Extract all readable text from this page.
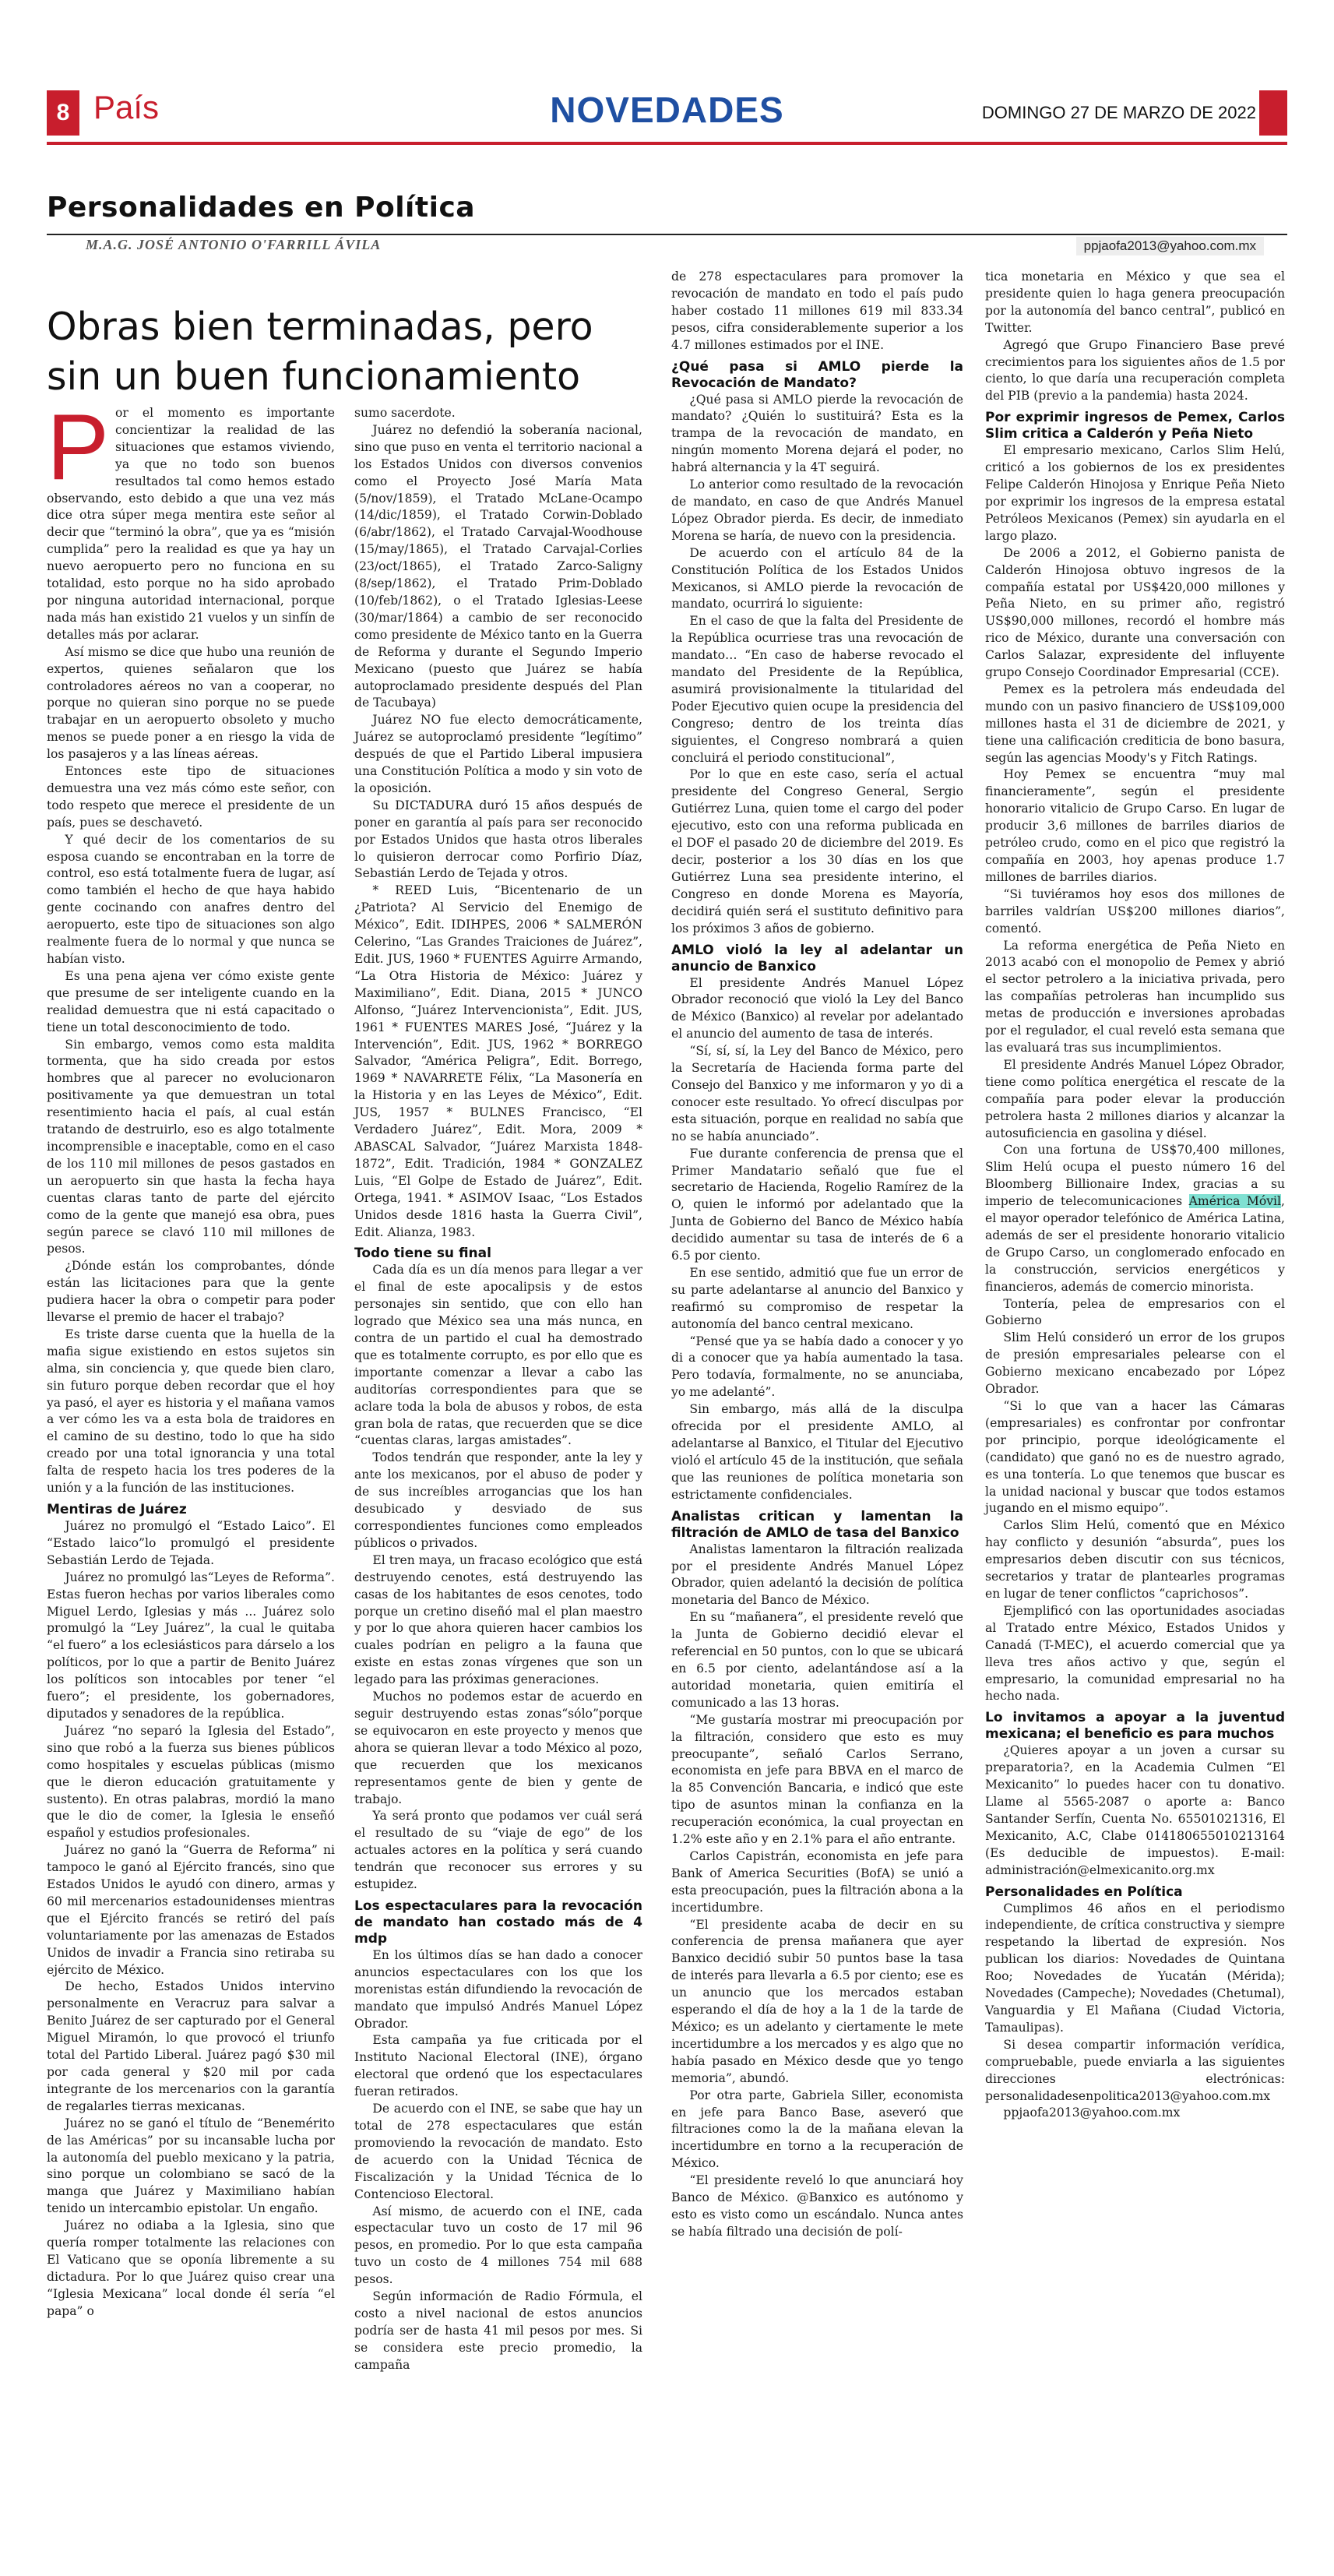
8 País	NOVEDADES	DOMINGO 27 DE MARZO DE 2022
Personalidades en Política
M.A.G. JOSÉ ANTONIO O'FARRILL ÁVILA	ppjaofa2013@yahoo.com.mx
Obras bien terminadas, pero sin un buen funcionamiento

Por el momento es importante concientizar la realidad de las situaciones que estamos viviendo, ya que no todo son buenos resultados tal como hemos estado observando, esto debido a que una vez más dice otra súper mega mentira este señor al decir que “terminó la obra”, que ya es “misión cumplida” pero la realidad es que ya hay un nuevo aeropuerto pero no funciona en su totalidad, esto porque no ha sido aprobado por ninguna autoridad internacional, porque nada más han existido 21 vuelos y un sinfín de detalles más por aclarar.

Así mismo se dice que hubo una reunión de expertos, quienes señalaron que los controladores aéreos no van a cooperar, no porque no quieran sino porque no se puede trabajar en un aeropuerto obsoleto y mucho menos se puede poner a en riesgo la vida de los pasajeros y a las líneas aéreas.

Entonces este tipo de situaciones demuestra una vez más cómo este señor, con todo respeto que merece el presidente de un país, pues se deschavetó.

Y qué decir de los comentarios de su esposa cuando se encontraban en la torre de control, eso está totalmente fuera de lugar, así como también el hecho de que haya habido gente cocinando con anafres dentro del aeropuerto, este tipo de situaciones son algo realmente fuera de lo normal y que nunca se habían visto.

Es una pena ajena ver cómo existe gente que presume de ser inteligente cuando en la realidad demuestra que ni está capacitado o tiene un total desconocimiento de todo.

Sin embargo, vemos como esta maldita tormenta, que ha sido creada por estos hombres que al parecer no evolucionaron positivamente ya que demuestran un total resentimiento hacia el país, al cual están tratando de destruirlo, eso es algo totalmente incomprensible e inaceptable, como en el caso de los 110 mil millones de pesos gastados en un aeropuerto sin que hasta la fecha haya cuentas claras tanto de parte del ejército como de la gente que manejó esa obra, pues según parece se clavó 110 mil millones de pesos.

¿Dónde están los comprobantes, dónde están las licitaciones para que la gente pudiera hacer la obra o competir para poder llevarse el premio de hacer el trabajo?

Es triste darse cuenta que la huella de la mafia sigue existiendo en estos sujetos sin alma, sin conciencia y, que quede bien claro, sin futuro porque deben recordar que el hoy ya pasó, el ayer es historia y el mañana vamos a ver cómo les va a esta bola de traidores en el camino de su destino, todo lo que ha sido creado por una total ignorancia y una total falta de respeto hacia los tres poderes de la unión y a la función de las instituciones.

Mentiras de Juárez

Juárez no promulgó el “Estado Laico”. El “Estado laico”lo promulgó el presidente Sebastián Lerdo de Tejada.

Juárez no promulgó las“Leyes de Reforma”. Estas fueron hechas por varios liberales como Miguel Lerdo, Iglesias y más ... Juárez solo promulgó la “Ley Juárez”, la cual le quitaba “el fuero” a los eclesiásticos para dárselo a los políticos, por lo que a partir de Benito Juárez los políticos son intocables por tener “el fuero”; el presidente, los gobernadores, diputados y senadores de la república.

Juárez “no separó la Iglesia del Estado”, sino que robó a la fuerza sus bienes públicos como hospitales y escuelas públicas (mismo que le dieron educación gratuitamente y sustento). En otras palabras, mordió la mano que le dio de comer, la Iglesia le enseñó español y estudios profesionales.

Juárez no ganó la “Guerra de Reforma” ni tampoco le ganó al Ejército francés, sino que Estados Unidos le ayudó con dinero, armas y 60 mil mercenarios estadounidenses mientras que el Ejército francés se retiró del país voluntariamente por las amenazas de Estados Unidos de invadir a Francia sino retiraba su ejército de México.

De hecho, Estados Unidos intervino personalmente en Veracruz para salvar a Benito Juárez de ser capturado por el General Miguel Miramón, lo que provocó el triunfo total del Partido Liberal. Juárez pagó $30 mil por cada general y $20 mil por cada integrante de los mercenarios con la garantía de regalarles tierras mexicanas.

Juárez no se ganó el título de “Benemérito de las Américas” por su incansable lucha por la autonomía del pueblo mexicano y la patria, sino porque un colombiano se sacó de la manga que Juárez y Maximiliano habían tenido un intercambio epistolar. Un engaño.

Juárez no odiaba a la Iglesia, sino que quería romper totalmente las relaciones con El Vaticano que se oponía libremente a su dictadura. Por lo que Juárez quiso crear una “Iglesia Mexicana” local donde él sería “el papa” o

sumo sacerdote.

Juárez no defendió la soberanía nacional, sino que puso en venta el territorio nacional a los Estados Unidos con diversos convenios como el Proyecto José María Mata (5/nov/1859), el Tratado McLane-Ocampo (14/dic/1859), el Tratado Corwin-Doblado (6/abr/1862), el Tratado Carvajal-Woodhouse (15/may/1865), el Tratado Carvajal-Corlies (23/oct/1865), el Tratado Zarco-Saligny (8/sep/1862), el Tratado Prim-Doblado (10/feb/1862), o el Tratado Iglesias-Leese (30/mar/1864) a cambio de ser reconocido como presidente de México tanto en la Guerra de Reforma y durante el Segundo Imperio Mexicano (puesto que Juárez se había autoproclamado presidente después del Plan de Tacubaya)

Juárez NO fue electo democráticamente, Juárez se autoproclamó presidente “legítimo” después de que el Partido Liberal impusiera una Constitución Política a modo y sin voto de la oposición.

Su DICTADURA duró 15 años después de poner en garantía al país para ser reconocido por Estados Unidos que hasta otros liberales lo quisieron derrocar como Porfirio Díaz, Sebastián Lerdo de Tejada y otros.

* REED Luis, “Bicentenario de un ¿Patriota? Al Servicio del Enemigo de México”, Edit. IDIHPES, 2006 * SALMERÓN Celerino, “Las Grandes Traiciones de Juárez”, Edit. JUS, 1960 * FUENTES Aguirre Armando, “La Otra Historia de México: Juárez y Maximiliano”, Edit. Diana, 2015 * JUNCO Alfonso, “Juárez Intervencionista”, Edit. JUS, 1961 * FUENTES MARES José, “Juárez y la Intervención”, Edit. JUS, 1962 * BORREGO Salvador, “América Peligra”, Edit. Borrego, 1969 * NAVARRETE Félix, “La Masonería en la Historia y en las Leyes de México”, Edit. JUS, 1957 * BULNES Francisco, “El Verdadero Juárez”, Edit. Mora, 2009 * ABASCAL Salvador, “Juárez Marxista 1848-1872”, Edit. Tradición, 1984 * GONZALEZ Luis, “El Golpe de Estado de Juárez”, Edit. Ortega, 1941. * ASIMOV Isaac, “Los Estados Unidos desde 1816 hasta la Guerra Civil”, Edit. Alianza, 1983.

Todo tiene su final

Cada día es un día menos para llegar a ver el final de este apocalipsis y de estos personajes sin sentido, que con ello han logrado que México sea una más nunca, en contra de un partido el cual ha demostrado que es totalmente corrupto, es por ello que es importante comenzar a llevar a cabo las auditorías correspondientes para que se aclare toda la bola de abusos y robos, de esta gran bola de ratas, que recuerden que se dice “cuentas claras, largas amistades”.

Todos tendrán que responder, ante la ley y ante los mexicanos, por el abuso de poder y de sus increíbles arrogancias que los han desubicado y desviado de sus correspondientes funciones como empleados públicos o privados.

El tren maya, un fracaso ecológico que está destruyendo cenotes, está destruyendo las casas de los habitantes de esos cenotes, todo porque un cretino diseñó mal el plan maestro y por lo que ahora quieren hacer cambios los cuales podrían en peligro a la fauna que existe en estas zonas vírgenes que son un legado para las próximas generaciones.

Muchos no podemos estar de acuerdo en seguir destruyendo estas zonas“sólo”porque se equivocaron en este proyecto y menos que ahora se quieran llevar a todo México al pozo, que recuerden que los mexicanos representamos gente de bien y gente de trabajo.

Ya será pronto que podamos ver cuál será el resultado de su “viaje de ego” de los actuales actores en la política y será cuando tendrán que reconocer sus errores y su estupidez.

Los espectaculares para la revocación de mandato han costado más de 4 mdp

En los últimos días se han dado a conocer anuncios espectaculares con los que los morenistas están difundiendo la revocación de mandato que impulsó Andrés Manuel López Obrador.

Esta campaña ya fue criticada por el Instituto Nacional Electoral (INE), órgano electoral que ordenó que los espectaculares fueran retirados.

De acuerdo con el INE, se sabe que hay un total de 278 espectaculares que están promoviendo la revocación de mandato. Esto de acuerdo con la Unidad Técnica de Fiscalización y la Unidad Técnica de lo Contencioso Electoral.

Así mismo, de acuerdo con el INE, cada espectacular tuvo un costo de 17 mil 96 pesos, en promedio. Por lo que esta campaña tuvo un costo de 4 millones 754 mil 688 pesos.

Según información de Radio Fórmula, el costo a nivel nacional de estos anuncios podría ser de hasta 41 mil pesos por mes. Si se considera este precio promedio, la campaña

de 278 espectaculares para promover la revocación de mandato en todo el país pudo haber costado 11 millones 619 mil 833.34 pesos, cifra considerablemente superior a los 4.7 millones estimados por el INE.

¿Qué pasa si AMLO pierde la Revocación de Mandato?

¿Qué pasa si AMLO pierde la revocación de mandato? ¿Quién lo sustituirá? Esta es la trampa de la revocación de mandato, en ningún momento Morena dejará el poder, no habrá alternancia y la 4T seguirá.

Lo anterior como resultado de la revocación de mandato, en caso de que Andrés Manuel López Obrador pierda. Es decir, de inmediato Morena se haría, de nuevo con la presidencia.

De acuerdo con el artículo 84 de la Constitución Política de los Estados Unidos Mexicanos, si AMLO pierde la revocación de mandato, ocurrirá lo siguiente:

En el caso de que la falta del Presidente de la República ocurriese tras una revocación de mandato… “En caso de haberse revocado el mandato del Presidente de la República, asumirá provisionalmente la titularidad del Poder Ejecutivo quien ocupe la presidencia del Congreso; dentro de los treinta días siguientes, el Congreso nombrará a quien concluirá el periodo constitucional”,

Por lo que en este caso, sería el actual presidente del Congreso General, Sergio Gutiérrez Luna, quien tome el cargo del poder ejecutivo, esto con una reforma publicada en el DOF el pasado 20 de diciembre del 2019. Es decir, posterior a los 30 días en los que Gutiérrez Luna sea presidente interino, el Congreso en donde Morena es Mayoría, decidirá quién será el sustituto definitivo para los próximos 3 años de gobierno.

AMLO violó la ley al adelantar un anuncio de Banxico

El presidente Andrés Manuel López Obrador reconoció que violó la Ley del Banco de México (Banxico) al revelar por adelantado el anuncio del aumento de tasa de interés.

“Sí, sí, sí, la Ley del Banco de México, pero la Secretaría de Hacienda forma parte del Consejo del Banxico y me informaron y yo di a conocer este resultado. Yo ofrecí disculpas por esta situación, porque en realidad no sabía que no se había anunciado”.

Fue durante conferencia de prensa que el Primer Mandatario señaló que fue el secretario de Hacienda, Rogelio Ramírez de la O, quien le informó por adelantado que la Junta de Gobierno del Banco de México había decidido aumentar su tasa de interés de 6 a 6.5 por ciento.

En ese sentido, admitió que fue un error de su parte adelantarse al anuncio del Banxico y reafirmó su compromiso de respetar la autonomía del banco central mexicano.

“Pensé que ya se había dado a conocer y yo di a conocer que ya había aumentado la tasa. Pero todavía, formalmente, no se anunciaba, yo me adelanté”.

Sin embargo, más allá de la disculpa ofrecida por el presidente AMLO, al adelantarse al Banxico, el Titular del Ejecutivo violó el artículo 45 de la institución, que señala que las reuniones de política monetaria son estrictamente confidenciales.

Analistas critican y lamentan la filtración de AMLO de tasa del Banxico

Analistas lamentaron la filtración realizada por el presidente Andrés Manuel López Obrador, quien adelantó la decisión de política monetaria del Banco de México.

En su “mañanera”, el presidente reveló que la Junta de Gobierno decidió elevar el referencial en 50 puntos, con lo que se ubicará en 6.5 por ciento, adelantándose así a la autoridad monetaria, quien emitiría el comunicado a las 13 horas.

“Me gustaría mostrar mi preocupación por la filtración, considero que esto es muy preocupante”, señaló Carlos Serrano, economista en jefe para BBVA en el marco de la 85 Convención Bancaria, e indicó que este tipo de asuntos minan la confianza en la recuperación económica, la cual proyectan en 1.2% este año y en 2.1% para el año entrante.

Carlos Capistrán, economista en jefe para Bank of America Securities (BofA) se unió a esta preocupación, pues la filtración abona a la incertidumbre.

“El presidente acaba de decir en su conferencia de prensa mañanera que ayer Banxico decidió subir 50 puntos base la tasa de interés para llevarla a 6.5 por ciento; ese es un anuncio que los mercados estaban esperando el día de hoy a la 1 de la tarde de México; es un adelanto y ciertamente le mete incertidumbre a los mercados y es algo que no había pasado en México desde que yo tengo memoria”, abundó.

Por otra parte, Gabriela Siller, economista en jefe para Banco Base, aseveró que filtraciones como la de la mañana elevan la incertidumbre en torno a la recuperación de México.

“El presidente reveló lo que anunciará hoy Banco de México. @Banxico es autónomo y esto es visto como un escándalo. Nunca antes se había filtrado una decisión de polí-

tica monetaria en México y que sea el presidente quien lo haga genera preocupación por la autonomía del banco central”, publicó en Twitter.

Agregó que Grupo Financiero Base prevé crecimientos para los siguientes años de 1.5 por ciento, lo que daría una recuperación completa del PIB (previo a la pandemia) hasta 2024.

Por exprimir ingresos de Pemex, Carlos Slim critica a Calderón y Peña Nieto

El empresario mexicano, Carlos Slim Helú, criticó a los gobiernos de los ex presidentes Felipe Calderón Hinojosa y Enrique Peña Nieto por exprimir los ingresos de la empresa estatal Petróleos Mexicanos (Pemex) sin ayudarla en el largo plazo.

De 2006 a 2012, el Gobierno panista de Calderón Hinojosa obtuvo ingresos de la compañía estatal por US$420,000 millones y Peña Nieto, en su primer año, registró US$90,000 millones, recordó el hombre más rico de México, durante una conversación con Carlos Salazar, expresidente del influyente grupo Consejo Coordinador Empresarial (CCE).

Pemex es la petrolera más endeudada del mundo con un pasivo financiero de US$109,000 millones hasta el 31 de diciembre de 2021, y tiene una calificación crediticia de bono basura, según las agencias Moody's y Fitch Ratings.

Hoy Pemex se encuentra “muy mal financieramente”, según el presidente honorario vitalicio de Grupo Carso. En lugar de producir 3,6 millones de barriles diarios de petróleo crudo, como en el pico que registró la compañía en 2003, hoy apenas produce 1.7 millones de barriles diarios.

“Si tuviéramos hoy esos dos millones de barriles valdrían US$200 millones diarios”, comentó.

La reforma energética de Peña Nieto en 2013 acabó con el monopolio de Pemex y abrió el sector petrolero a la iniciativa privada, pero las compañías petroleras han incumplido sus metas de producción e inversiones aprobadas por el regulador, el cual reveló esta semana que las evaluará tras sus incumplimientos.

El presidente Andrés Manuel López Obrador, tiene como política energética el rescate de la compañía para poder elevar la producción petrolera hasta 2 millones diarios y alcanzar la autosuficiencia en gasolina y diésel.

Con una fortuna de US$70,400 millones, Slim Helú ocupa el puesto número 16 del Bloomberg Billionaire Index, gracias a su imperio de telecomunicaciones América Móvil, el mayor operador telefónico de América Latina, además de ser el presidente honorario vitalicio de Grupo Carso, un conglomerado enfocado en la construcción, servicios energéticos y financieros, además de comercio minorista.

Tontería, pelea de empresarios con el Gobierno

Slim Helú consideró un error de los grupos de presión empresariales pelearse con el Gobierno mexicano encabezado por López Obrador.

“Si lo que van a hacer las Cámaras (empresariales) es confrontar por confrontar por principio, porque ideológicamente el (candidato) que ganó no es de nuestro agrado, es una tontería. Lo que tenemos que buscar es la unidad nacional y buscar que todos estamos jugando en el mismo equipo”.

Carlos Slim Helú, comentó que en México hay conflicto y desunión “absurda”, pues los empresarios deben discutir con sus técnicos, secretarios y tratar de plantearles programas en lugar de tener conflictos “caprichosos”.

Ejemplificó con las oportunidades asociadas al Tratado entre México, Estados Unidos y Canadá (T-MEC), el acuerdo comercial que ya lleva tres años activo y que, según el empresario, la comunidad empresarial no ha hecho nada.

Lo invitamos a apoyar a la juventud mexicana; el beneficio es para muchos

¿Quieres apoyar a un joven a cursar su preparatoria?, en la Academia Culmen “El Mexicanito” lo puedes hacer con tu donativo. Llame al 5565-2087 o aporte a: Banco Santander Serfín, Cuenta No. 65501021316, El Mexicanito, A.C, Clabe 014180655010213164 (Es deducible de impuestos). E-mail: administración@elmexicanito.org.mx

Personalidades en Política

Cumplimos 46 años en el periodismo independiente, de crítica constructiva y siempre respetando la libertad de expresión. Nos publican los diarios: Novedades de Quintana Roo; Novedades de Yucatán (Mérida); Novedades (Campeche); Novedades (Chetumal), Vanguardia y El Mañana (Ciudad Victoria, Tamaulipas).

Si desea compartir información verídica, compruebable, puede enviarla a las siguientes direcciones electrónicas: personalidadesenpolitica2013@yahoo.com.mx

ppjaofa2013@yahoo.com.mx
